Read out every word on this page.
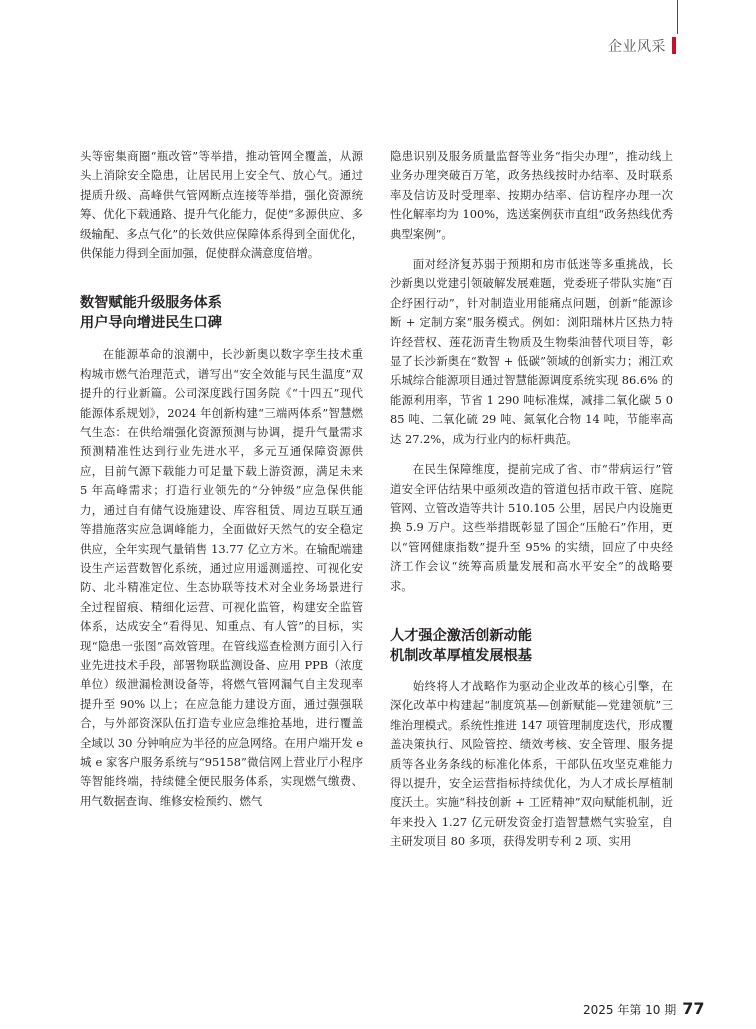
企业风采

头等密集商圈“瓶改管”等举措，推动管网全覆盖，从源头上消除安全隐患，让居民用上安全气、放心气。通过提质升级、高峰供气管网断点连接等举措，强化资源统筹、优化下载通路、提升气化能力，促使“多源供应、多级输配、多点气化”的长效供应保障体系得到全面优化，供保能力得到全面加强，促使群众满意度倍增。

数智赋能升级服务体系
用户导向增进民生口碑

在能源革命的浪潮中，长沙新奥以数字孪生技术重构城市燃气治理范式，谱写出“安全效能与民生温度”双提升的行业新篇。公司深度践行国务院《“十四五”现代能源体系规划》，2024 年创新构建“三端两体系”智慧燃气生态：在供给端强化资源预测与协调，提升气量需求预测精准性达到行业先进水平，多元互通保障资源供应，目前气源下载能力可足量下载上游资源，满足未来 5 年高峰需求；打造行业领先的“分钟级”应急保供能力，通过自有储气设施建设、库容租赁、周边互联互通等措施落实应急调峰能力，全面做好天然气的安全稳定供应，全年实现气量销售 13.77 亿立方米。在输配端建设生产运营数智化系统，通过应用遥测遥控、可视化安防、北斗精准定位、生态协联等技术对全业务场景进行全过程留痕、精细化运营、可视化监管，构建安全监管体系，达成安全“看得见、知重点、有人管”的目标，实现“隐患一张图”高效管理。在管线巡查检测方面引入行业先进技术手段，部署物联监测设备、应用 PPB（浓度单位）级泄漏检测设备等，将燃气管网漏气自主发现率提升至 90% 以上；在应急能力建设方面，通过强强联合，与外部资深队伍打造专业应急维抢基地，进行覆盖全域以 30 分钟响应为半径的应急网络。在用户端开发 e 城 e 家客户服务系统与“95158”微信网上营业厅小程序等智能终端，持续健全便民服务体系，实现燃气缴费、用气数据查询、维修安检预约、燃气

隐患识别及服务质量监督等业务“指尖办理”，推动线上业务办理突破百万笔，政务热线按时办结率、及时联系率及信访及时受理率、按期办结率、信访程序办理一次性化解率均为 100%，选送案例获市直组“政务热线优秀典型案例”。

面对经济复苏弱于预期和房市低迷等多重挑战，长沙新奥以党建引领破解发展难题，党委班子带队实施“百企纾困行动”，针对制造业用能痛点问题，创新“能源诊断 + 定制方案”服务模式。例如：浏阳瑞林片区热力特许经营权、莲花沥青生物质及生物柴油替代项目等，彰显了长沙新奥在“数智 + 低碳”领域的创新实力；湘江欢乐城综合能源项目通过智慧能源调度系统实现 86.6% 的能源利用率，节省 1 290 吨标准煤，减排二氧化碳 5 085 吨、二氧化硫 29 吨、氮氧化合物 14 吨，节能率高达 27.2%，成为行业内的标杆典范。

在民生保障维度，提前完成了省、市“带病运行”管道安全评估结果中亟须改造的管道包括市政干管、庭院管网、立管改造等共计 510.105 公里，居民户内设施更换 5.9 万户。这些举措既彰显了国企“压舱石”作用，更以“管网健康指数”提升至 95% 的实绩，回应了中央经济工作会议“统筹高质量发展和高水平安全”的战略要求。

人才强企激活创新动能
机制改革厚植发展根基

始终将人才战略作为驱动企业改革的核心引擎，在深化改革中构建起“制度筑基—创新赋能—党建领航”三维治理模式。系统性推进 147 项管理制度迭代，形成覆盖决策执行、风险管控、绩效考核、安全管理、服务提质等各业务条线的标准化体系，干部队伍攻坚克难能力得以提升，安全运营指标持续优化，为人才成长厚植制度沃土。实施“科技创新 + 工匠精神”双向赋能机制，近年来投入 1.27 亿元研发资金打造智慧燃气实验室，自主研发项目 80 多项，获得发明专利 2 项、实用

2025 年第 10 期 77
